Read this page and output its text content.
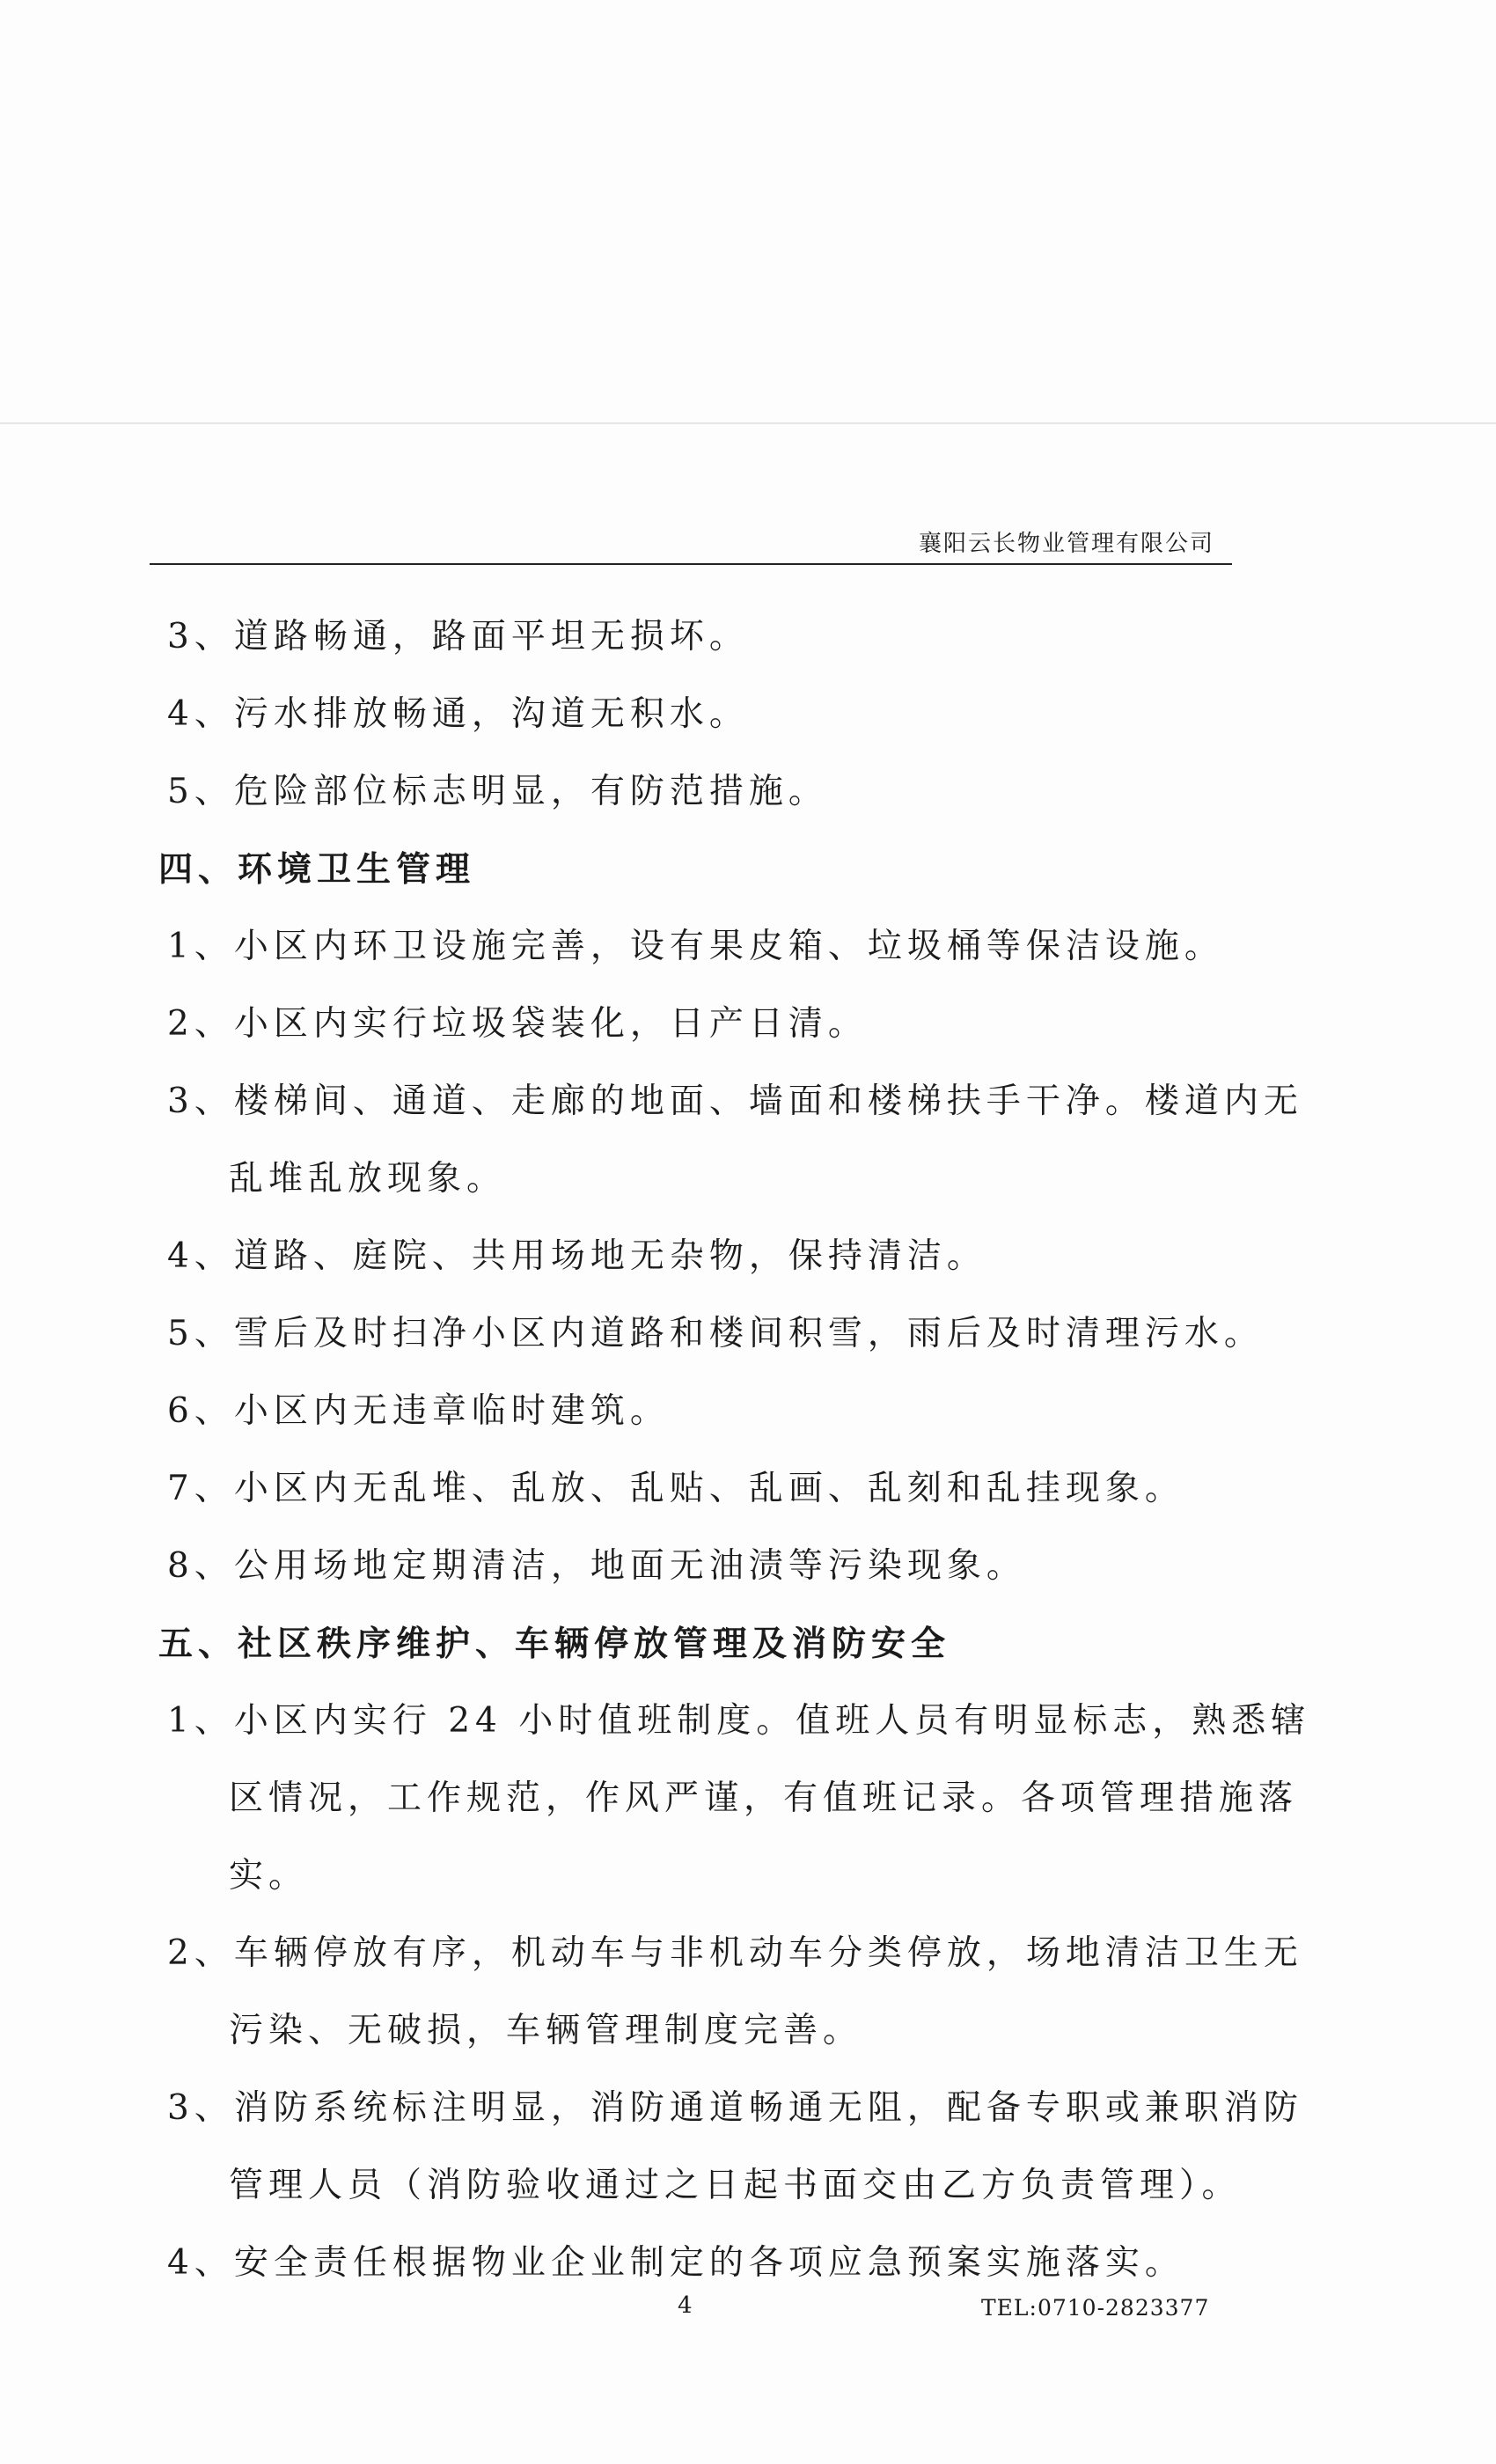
襄阳云长物业管理有限公司
3、道路畅通，路面平坦无损坏。
4、污水排放畅通，沟道无积水。
5、危险部位标志明显，有防范措施。
四、环境卫生管理
1、小区内环卫设施完善，设有果皮箱、垃圾桶等保洁设施。
2、小区内实行垃圾袋装化，日产日清。
3、楼梯间、通道、走廊的地面、墙面和楼梯扶手干净。楼道内无
乱堆乱放现象。
4、道路、庭院、共用场地无杂物，保持清洁。
5、雪后及时扫净小区内道路和楼间积雪，雨后及时清理污水。
6、小区内无违章临时建筑。
7、小区内无乱堆、乱放、乱贴、乱画、乱刻和乱挂现象。
8、公用场地定期清洁，地面无油渍等污染现象。
五、社区秩序维护、车辆停放管理及消防安全
1、小区内实行 24 小时值班制度。值班人员有明显标志，熟悉辖
区情况，工作规范，作风严谨，有值班记录。各项管理措施落
实。
2、车辆停放有序，机动车与非机动车分类停放，场地清洁卫生无
污染、无破损，车辆管理制度完善。
3、消防系统标注明显，消防通道畅通无阻，配备专职或兼职消防
管理人员（消防验收通过之日起书面交由乙方负责管理）。
4、安全责任根据物业企业制定的各项应急预案实施落实。
4	TEL:0710-2823377
